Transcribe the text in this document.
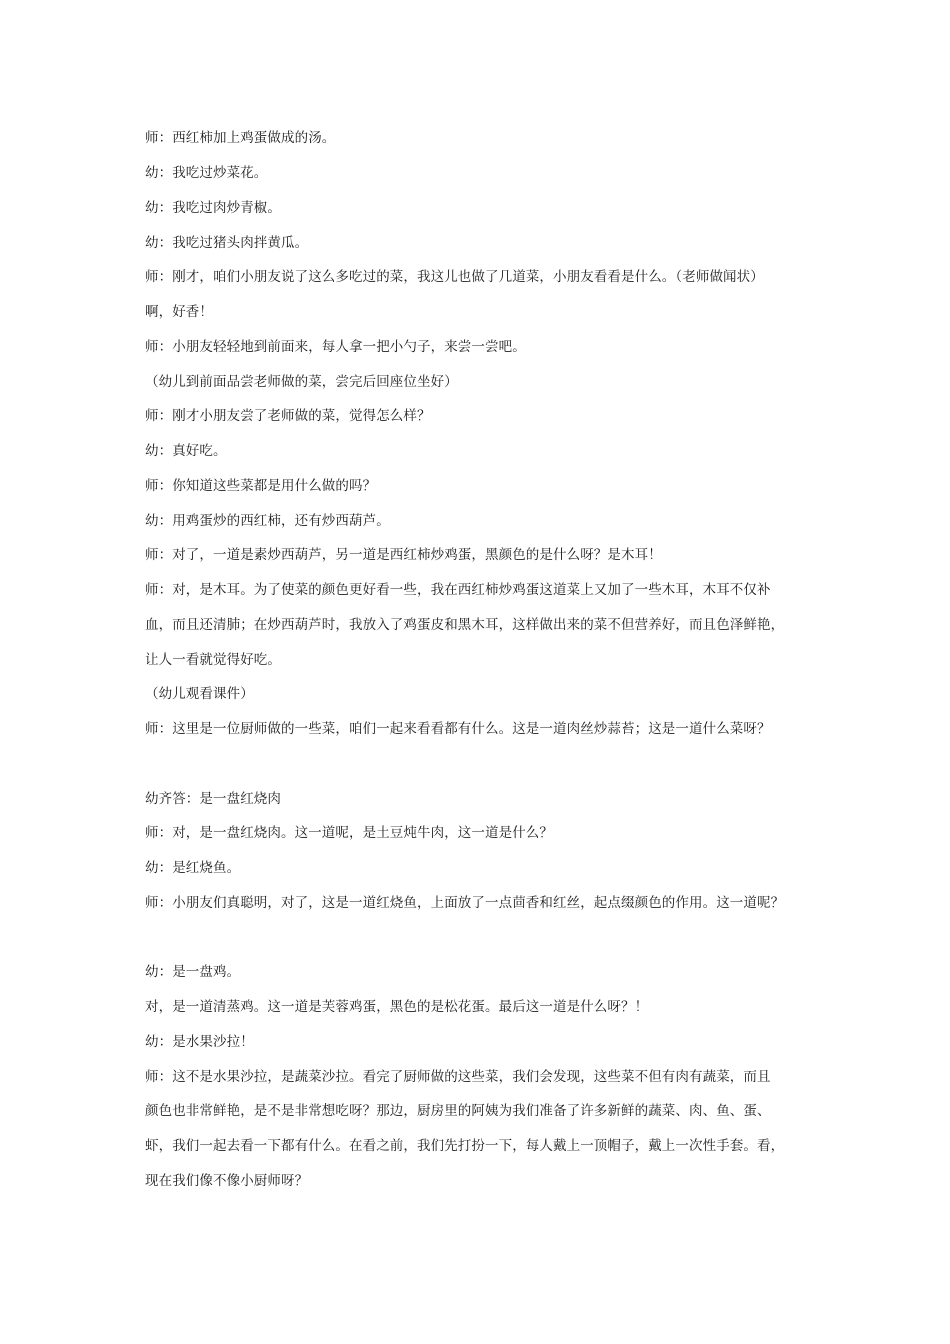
师：西红柿加上鸡蛋做成的汤。
幼：我吃过炒菜花。
幼：我吃过肉炒青椒。
幼：我吃过猪头肉拌黄瓜。
师：刚才，咱们小朋友说了这么多吃过的菜，我这儿也做了几道菜，小朋友看看是什么。（老师做闻状）
啊，好香！
师：小朋友轻轻地到前面来，每人拿一把小勺子，来尝一尝吧。
（幼儿到前面品尝老师做的菜，尝完后回座位坐好）
师：刚才小朋友尝了老师做的菜，觉得怎么样？
幼：真好吃。
师：你知道这些菜都是用什么做的吗？
幼：用鸡蛋炒的西红柿，还有炒西葫芦。
师：对了，一道是素炒西葫芦，另一道是西红柿炒鸡蛋，黑颜色的是什么呀？是木耳！
师：对，是木耳。为了使菜的颜色更好看一些，我在西红柿炒鸡蛋这道菜上又加了一些木耳，木耳不仅补
血，而且还清肺；在炒西葫芦时，我放入了鸡蛋皮和黑木耳，这样做出来的菜不但营养好，而且色泽鲜艳，
让人一看就觉得好吃。
（幼儿观看课件）
师：这里是一位厨师做的一些菜，咱们一起来看看都有什么。这是一道肉丝炒蒜苔；这是一道什么菜呀？
幼齐答：是一盘红烧肉
师：对，是一盘红烧肉。这一道呢，是土豆炖牛肉，这一道是什么？
幼：是红烧鱼。
师：小朋友们真聪明，对了，这是一道红烧鱼，上面放了一点茴香和红丝，起点缀颜色的作用。这一道呢？
幼：是一盘鸡。
对，是一道清蒸鸡。这一道是芙蓉鸡蛋，黑色的是松花蛋。最后这一道是什么呀？！
幼：是水果沙拉！
师：这不是水果沙拉，是蔬菜沙拉。看完了厨师做的这些菜，我们会发现，这些菜不但有肉有蔬菜，而且
颜色也非常鲜艳，是不是非常想吃呀？那边，厨房里的阿姨为我们准备了许多新鲜的蔬菜、肉、鱼、蛋、
虾，我们一起去看一下都有什么。在看之前，我们先打扮一下，每人戴上一顶帽子，戴上一次性手套。看，
现在我们像不像小厨师呀？
